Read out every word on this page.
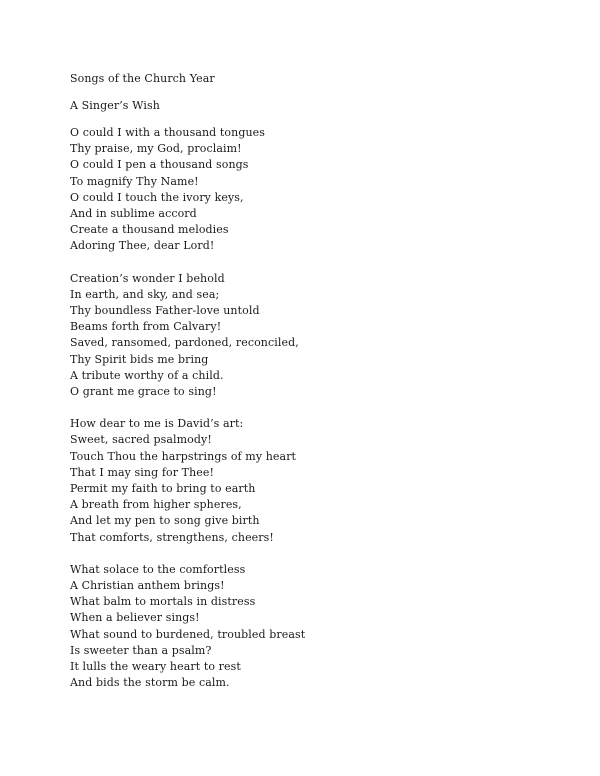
Songs of the Church Year

A Singer’s Wish

O could I with a thousand tongues
Thy praise, my God, proclaim!
O could I pen a thousand songs
To magnify Thy Name!
O could I touch the ivory keys,
And in sublime accord
Create a thousand melodies
Adoring Thee, dear Lord!
Creation’s wonder I behold
In earth, and sky, and sea;
Thy boundless Father-love untold
Beams forth from Calvary!
Saved, ransomed, pardoned, reconciled,
Thy Spirit bids me bring
A tribute worthy of a child.
O grant me grace to sing!
How dear to me is David’s art:
Sweet, sacred psalmody!
Touch Thou the harpstrings of my heart
That I may sing for Thee!
Permit my faith to bring to earth
A breath from higher spheres,
And let my pen to song give birth
That comforts, strengthens, cheers!
What solace to the comfortless
A Christian anthem brings!
What balm to mortals in distress
When a believer sings!
What sound to burdened, troubled breast
Is sweeter than a psalm?
It lulls the weary heart to rest
And bids the storm be calm.
